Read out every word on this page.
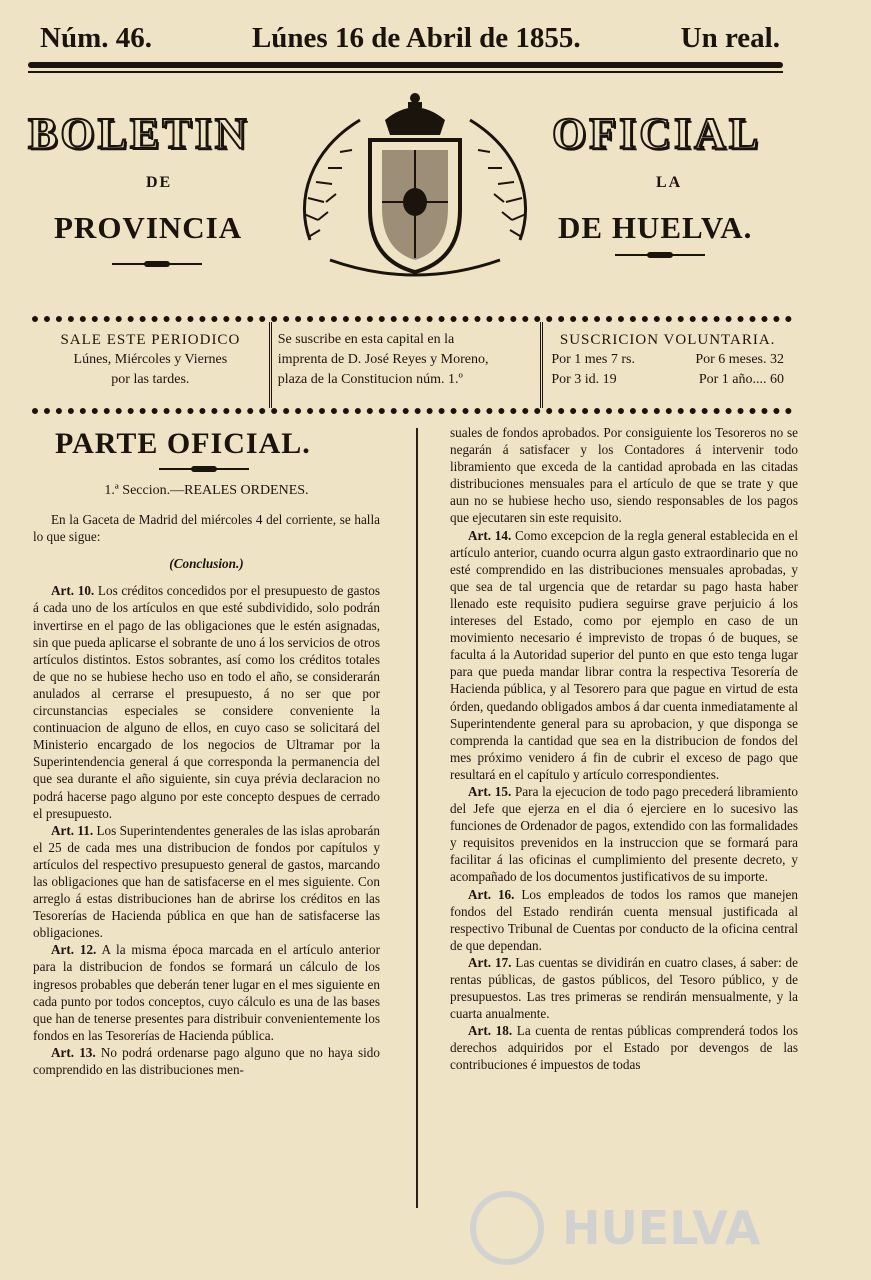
Núm. 46.	Lúnes 16 de Abril de 1855.	Un real.
BOLETIN	OFICIAL
DE	LA
PROVINCIA	DE HUELVA.
SALE ESTE PERIODICO
Lúnes, Miércoles y Viernes
por las tardes.
Se suscribe en esta capital en la
imprenta de D. José Reyes y Moreno,
plaza de la Constitucion núm. 1.º
SUSCRICION VOLUNTARIA.
Por 1 mes 7 rs.	Por 6 meses. 32
Por 3 id. 19	Por 1 año.... 60
PARTE OFICIAL.
1.ª Seccion.—REALES ORDENES.

En la Gaceta de Madrid del miércoles 4 del corriente, se halla lo que sigue:

(Conclusion.)

Art. 10. Los créditos concedidos por el presupuesto de gastos á cada uno de los artículos en que esté subdividido, solo podrán invertirse en el pago de las obligaciones que le estén asignadas, sin que pueda aplicarse el sobrante de uno á los servicios de otros artículos distintos. Estos sobrantes, así como los créditos totales de que no se hubiese hecho uso en todo el año, se considerarán anulados al cerrarse el presupuesto, á no ser que por circunstancias especiales se considere conveniente la continuacion de alguno de ellos, en cuyo caso se solicitará del Ministerio encargado de los negocios de Ultramar por la Superintendencia general á que corresponda la permanencia del que sea durante el año siguiente, sin cuya prévia declaracion no podrá hacerse pago alguno por este concepto despues de cerrado el presupuesto.

Art. 11. Los Superintendentes generales de las islas aprobarán el 25 de cada mes una distribucion de fondos por capítulos y artículos del respectivo presupuesto general de gastos, marcando las obligaciones que han de satisfacerse en el mes siguiente. Con arreglo á estas distribuciones han de abrirse los créditos en las Tesorerías de Hacienda pública en que han de satisfacerse las obligaciones.

Art. 12. A la misma época marcada en el artículo anterior para la distribucion de fondos se formará un cálculo de los ingresos probables que deberán tener lugar en el mes siguiente en cada punto por todos conceptos, cuyo cálculo es una de las bases que han de tenerse presentes para distribuir convenientemente los fondos en las Tesorerías de Hacienda pública.

Art. 13. No podrá ordenarse pago alguno que no haya sido comprendido en las distribuciones men-

suales de fondos aprobados. Por consiguiente los Tesoreros no se negarán á satisfacer y los Contadores á intervenir todo libramiento que exceda de la cantidad aprobada en las citadas distribuciones mensuales para el artículo de que se trate y que aun no se hubiese hecho uso, siendo responsables de los pagos que ejecutaren sin este requisito.

Art. 14. Como excepcion de la regla general establecida en el artículo anterior, cuando ocurra algun gasto extraordinario que no esté comprendido en las distribuciones mensuales aprobadas, y que sea de tal urgencia que de retardar su pago hasta haber llenado este requisito pudiera seguirse grave perjuicio á los intereses del Estado, como por ejemplo en caso de un movimiento necesario é imprevisto de tropas ó de buques, se faculta á la Autoridad superior del punto en que esto tenga lugar para que pueda mandar librar contra la respectiva Tesorería de Hacienda pública, y al Tesorero para que pague en virtud de esta órden, quedando obligados ambos á dar cuenta inmediatamente al Superintendente general para su aprobacion, y que disponga se comprenda la cantidad que sea en la distribucion de fondos del mes próximo venidero á fin de cubrir el exceso de pago que resultará en el capítulo y artículo correspondientes.

Art. 15. Para la ejecucion de todo pago precederá libramiento del Jefe que ejerza en el dia ó ejerciere en lo sucesivo las funciones de Ordenador de pagos, extendido con las formalidades y requisitos prevenidos en la instruccion que se formará para facilitar á las oficinas el cumplimiento del presente decreto, y acompañado de los documentos justificativos de su importe.

Art. 16. Los empleados de todos los ramos que manejen fondos del Estado rendirán cuenta mensual justificada al respectivo Tribunal de Cuentas por conducto de la oficina central de que dependan.

Art. 17. Las cuentas se dividirán en cuatro clases, á saber: de rentas públicas, de gastos públicos, del Tesoro público, y de presupuestos. Las tres primeras se rendirán mensualmente, y la cuarta anualmente.

Art. 18. La cuenta de rentas públicas comprenderá todos los derechos adquiridos por el Estado por devengos de las contribuciones é impuestos de todas

HUELVA
